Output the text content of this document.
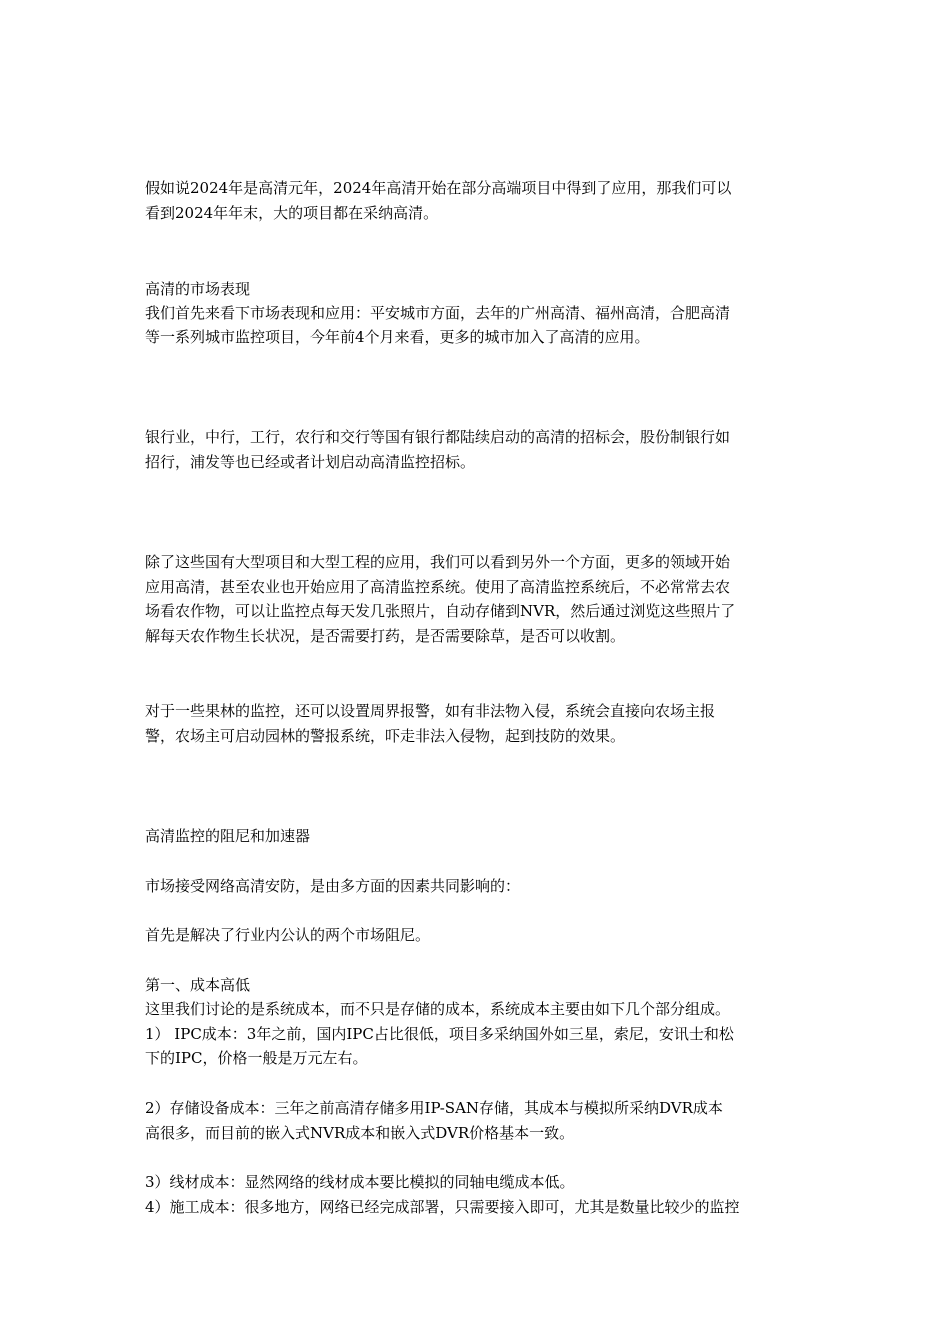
假如说2024年是高清元年，2024年高清开始在部分高端项目中得到了应用，那我们可以
看到2024年年末，大的项目都在采纳高清。
高清的市场表现
我们首先来看下市场表现和应用：平安城市方面，去年的广州高清、福州高清，合肥高清
等一系列城市监控项目，今年前4个月来看，更多的城市加入了高清的应用。
银行业，中行，工行，农行和交行等国有银行都陆续启动的高清的招标会，股份制银行如
招行，浦发等也已经或者计划启动高清监控招标。
除了这些国有大型项目和大型工程的应用，我们可以看到另外一个方面，更多的领域开始
应用高清，甚至农业也开始应用了高清监控系统。使用了高清监控系统后，不必常常去农
场看农作物，可以让监控点每天发几张照片，自动存储到NVR，然后通过浏览这些照片了
解每天农作物生长状况，是否需要打药，是否需要除草，是否可以收割。
对于一些果林的监控，还可以设置周界报警，如有非法物入侵，系统会直接向农场主报
警，农场主可启动园林的警报系统，吓走非法入侵物，起到技防的效果。
高清监控的阻尼和加速器
市场接受网络高清安防，是由多方面的因素共同影响的：
首先是解决了行业内公认的两个市场阻尼。
第一、成本高低
这里我们讨论的是系统成本，而不只是存储的成本，系统成本主要由如下几个部分组成。
1） IPC成本：3年之前，国内IPC占比很低，项目多采纳国外如三星，索尼，安讯士和松
下的IPC，价格一般是万元左右。
2）存储设备成本：三年之前高清存储多用IP-SAN存储，其成本与模拟所采纳DVR成本
高很多，而目前的嵌入式NVR成本和嵌入式DVR价格基本一致。
3）线材成本：显然网络的线材成本要比模拟的同轴电缆成本低。
4）施工成本：很多地方，网络已经完成部署，只需要接入即可，尤其是数量比较少的监控
